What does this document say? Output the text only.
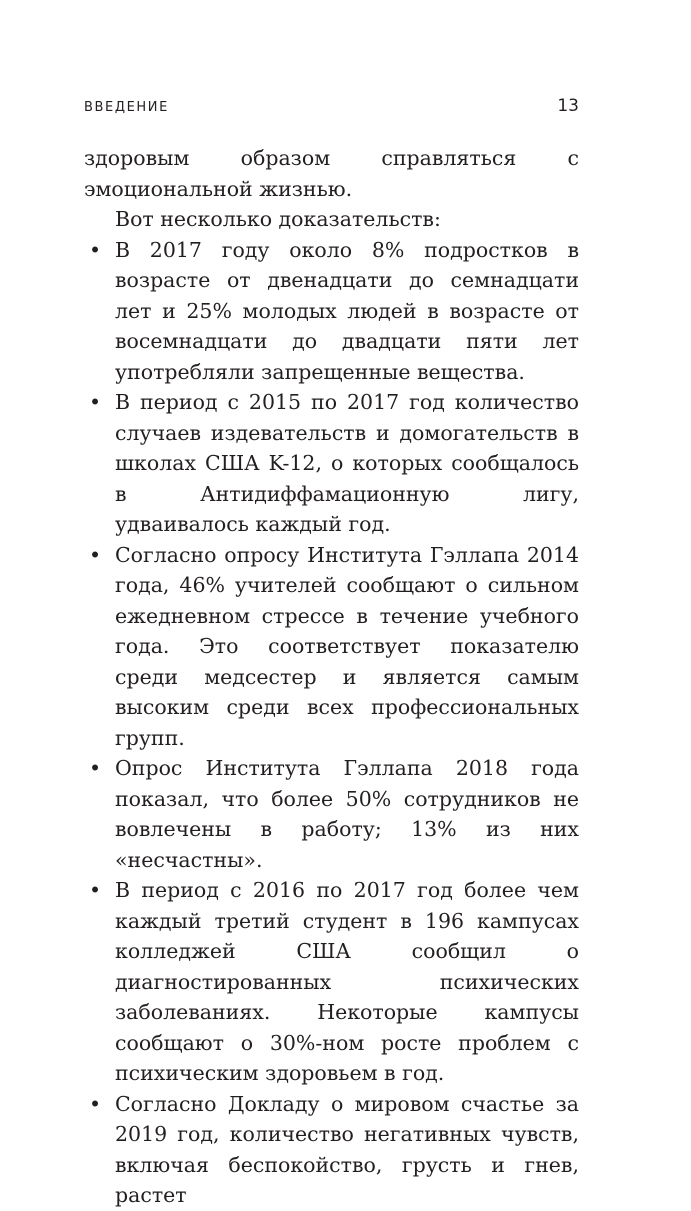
ВВЕДЕНИЕ	13

здоровым образом справляться с эмоциональной жизнью.

Вот несколько доказательств:

• В 2017 году около 8% подростков в возрасте от двенадцати до семнадцати лет и 25% молодых людей в возрасте от восемнадцати до двадцати пяти лет употребляли запрещенные вещества.
• В период с 2015 по 2017 год количество случаев издевательств и домогательств в школах США K-12, о которых сообщалось в Антидиффамационную лигу, удваивалось каждый год.
• Согласно опросу Института Гэллапа 2014 года, 46% учителей сообщают о сильном ежедневном стрессе в течение учебного года. Это соответствует показателю среди медсестер и является самым высоким среди всех профессиональных групп.
• Опрос Института Гэллапа 2018 года показал, что более 50% сотрудников не вовлечены в работу; 13% из них «несчастны».
• В период с 2016 по 2017 год более чем каждый третий студент в 196 кампусах колледжей США сообщил о диагностированных психических заболеваниях. Некоторые кампусы сообщают о 30%-ном росте проблем с психическим здоровьем в год.
• Согласно Докладу о мировом счастье за 2019 год, количество негативных чувств, включая беспокойство, грусть и гнев, растет
